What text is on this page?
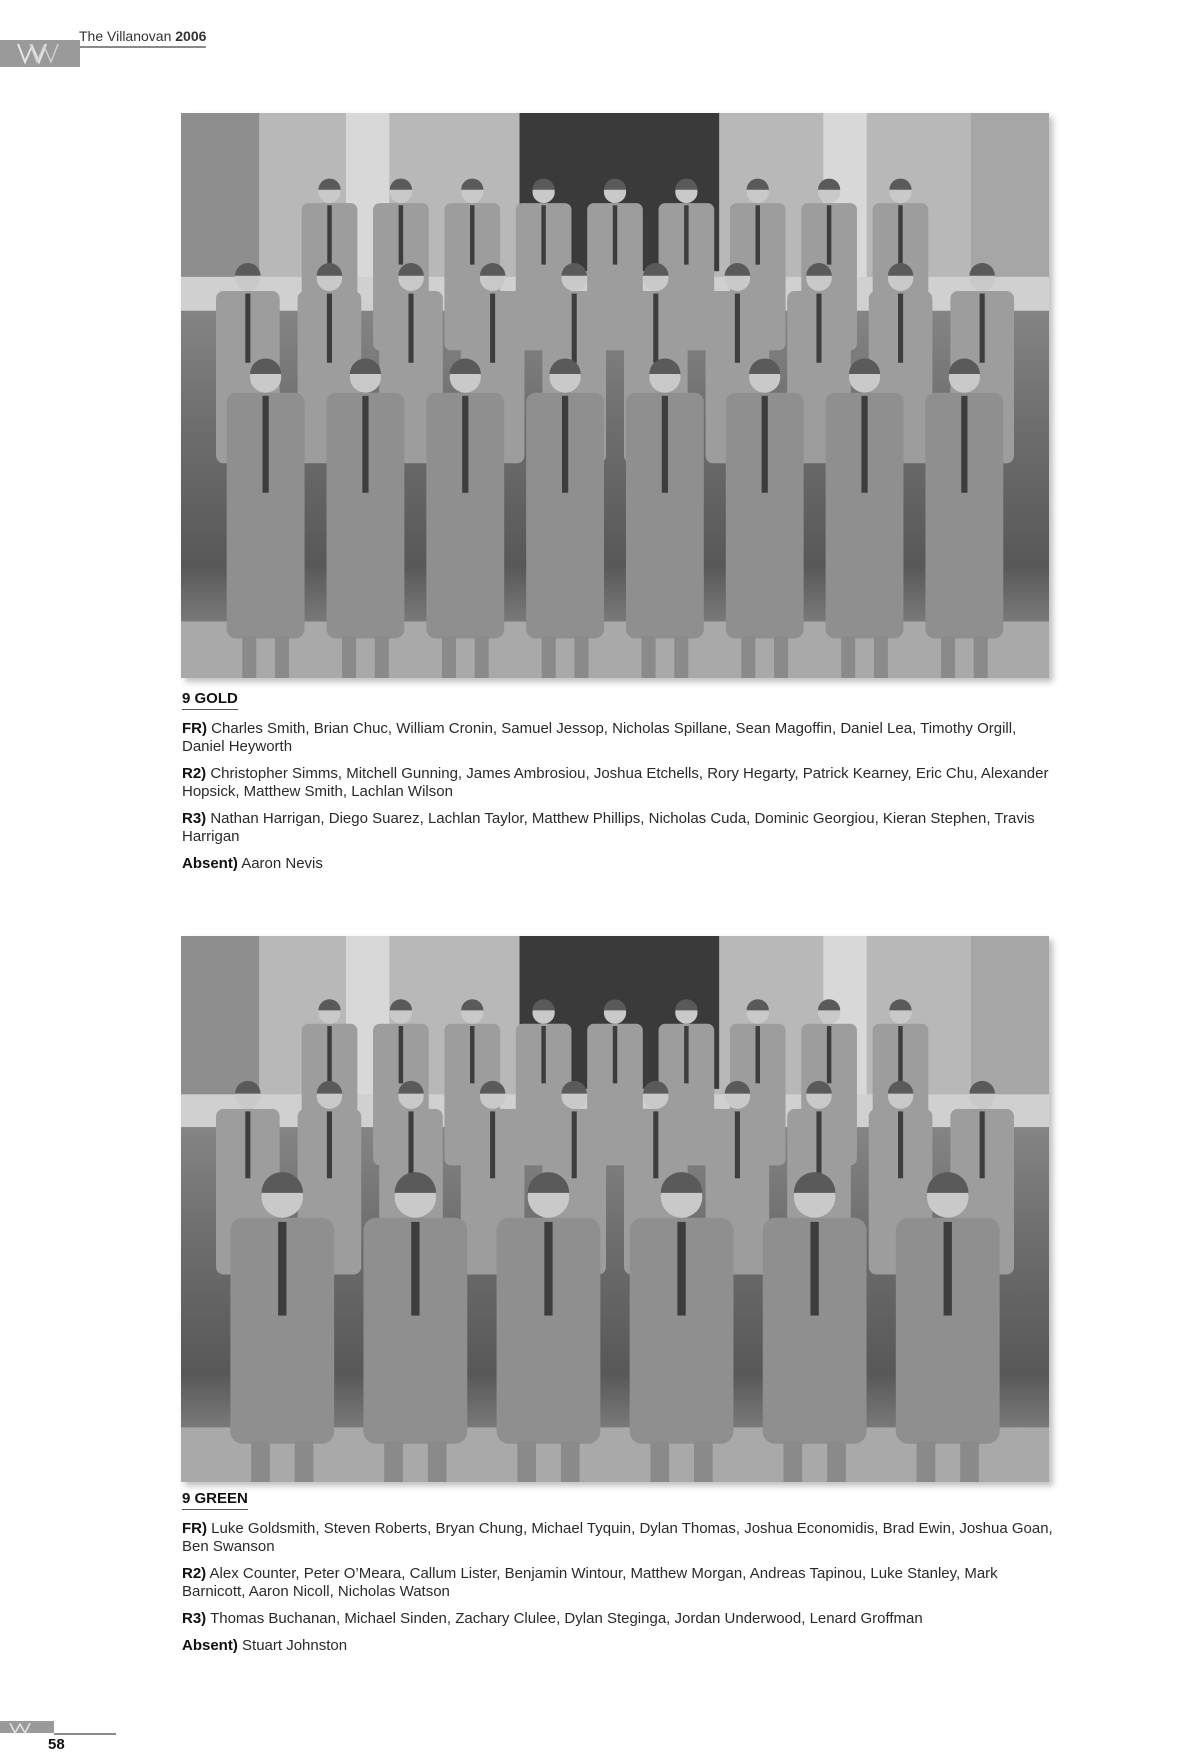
The Villanovan 2006
9 GOLD

FR) Charles Smith, Brian Chuc, William Cronin, Samuel Jessop, Nicholas Spillane, Sean Magoffin, Daniel Lea, Timothy Orgill, Daniel Heyworth

R2) Christopher Simms, Mitchell Gunning, James Ambrosiou, Joshua Etchells, Rory Hegarty, Patrick Kearney, Eric Chu, Alexander Hopsick, Matthew Smith, Lachlan Wilson

R3) Nathan Harrigan, Diego Suarez, Lachlan Taylor, Matthew Phillips, Nicholas Cuda, Dominic Georgiou, Kieran Stephen, Travis Harrigan

Absent) Aaron Nevis

9 GREEN

FR) Luke Goldsmith, Steven Roberts, Bryan Chung, Michael Tyquin, Dylan Thomas, Joshua Economidis, Brad Ewin, Joshua Goan, Ben Swanson

R2) Alex Counter, Peter O’Meara, Callum Lister, Benjamin Wintour, Matthew Morgan, Andreas Tapinou, Luke Stanley, Mark Barnicott, Aaron Nicoll, Nicholas Watson

R3) Thomas Buchanan, Michael Sinden, Zachary Clulee, Dylan Steginga, Jordan Underwood, Lenard Groffman

Absent) Stuart Johnston

58
